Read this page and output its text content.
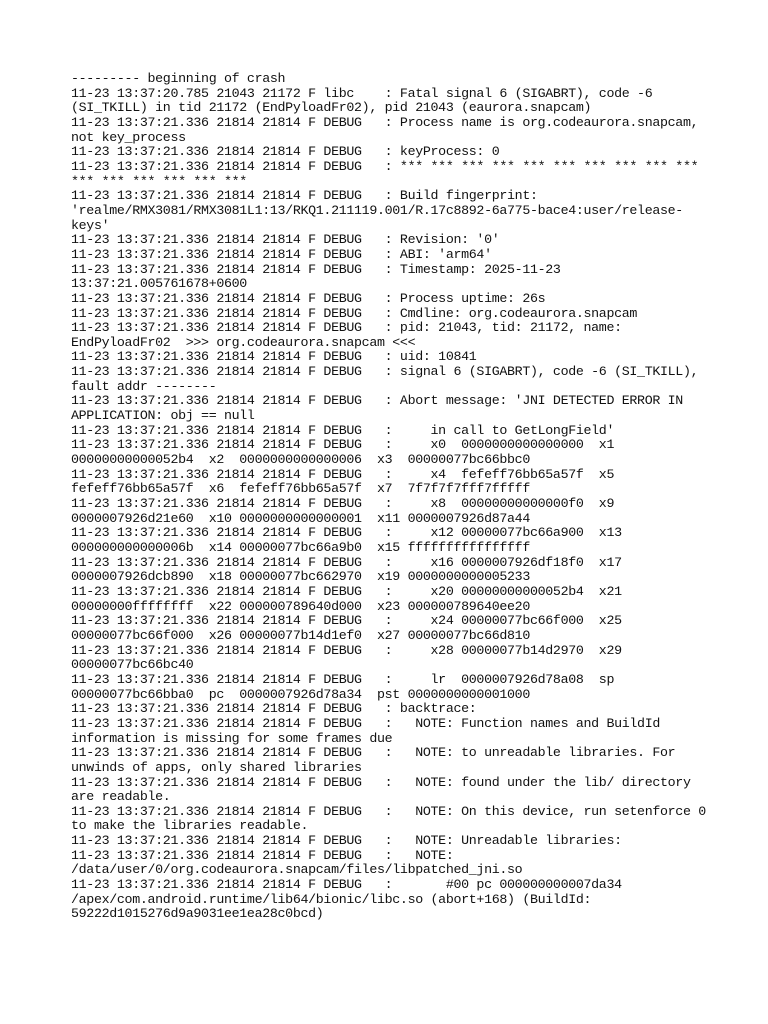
--------- beginning of crash
11-23 13:37:20.785 21043 21172 F libc    : Fatal signal 6 (SIGABRT), code -6
(SI_TKILL) in tid 21172 (EndPyloadFr02), pid 21043 (eaurora.snapcam)
11-23 13:37:21.336 21814 21814 F DEBUG   : Process name is org.codeaurora.snapcam,
not key_process
11-23 13:37:21.336 21814 21814 F DEBUG   : keyProcess: 0
11-23 13:37:21.336 21814 21814 F DEBUG   : *** *** *** *** *** *** *** *** *** ***
*** *** *** *** *** ***
11-23 13:37:21.336 21814 21814 F DEBUG   : Build fingerprint:
'realme/RMX3081/RMX3081L1:13/RKQ1.211119.001/R.17c8892-6a775-bace4:user/release-
keys'
11-23 13:37:21.336 21814 21814 F DEBUG   : Revision: '0'
11-23 13:37:21.336 21814 21814 F DEBUG   : ABI: 'arm64'
11-23 13:37:21.336 21814 21814 F DEBUG   : Timestamp: 2025-11-23
13:37:21.005761678+0600
11-23 13:37:21.336 21814 21814 F DEBUG   : Process uptime: 26s
11-23 13:37:21.336 21814 21814 F DEBUG   : Cmdline: org.codeaurora.snapcam
11-23 13:37:21.336 21814 21814 F DEBUG   : pid: 21043, tid: 21172, name:
EndPyloadFr02  >>> org.codeaurora.snapcam <<<
11-23 13:37:21.336 21814 21814 F DEBUG   : uid: 10841
11-23 13:37:21.336 21814 21814 F DEBUG   : signal 6 (SIGABRT), code -6 (SI_TKILL),
fault addr --------
11-23 13:37:21.336 21814 21814 F DEBUG   : Abort message: 'JNI DETECTED ERROR IN
APPLICATION: obj == null
11-23 13:37:21.336 21814 21814 F DEBUG   :     in call to GetLongField'
11-23 13:37:21.336 21814 21814 F DEBUG   :     x0  0000000000000000  x1
00000000000052b4  x2  0000000000000006  x3  00000077bc66bbc0
11-23 13:37:21.336 21814 21814 F DEBUG   :     x4  fefeff76bb65a57f  x5
fefeff76bb65a57f  x6  fefeff76bb65a57f  x7  7f7f7f7fff7fffff
11-23 13:37:21.336 21814 21814 F DEBUG   :     x8  00000000000000f0  x9
0000007926d21e60  x10 0000000000000001  x11 0000007926d87a44
11-23 13:37:21.336 21814 21814 F DEBUG   :     x12 00000077bc66a900  x13
000000000000006b  x14 00000077bc66a9b0  x15 ffffffffffffffff
11-23 13:37:21.336 21814 21814 F DEBUG   :     x16 0000007926df18f0  x17
0000007926dcb890  x18 00000077bc662970  x19 0000000000005233
11-23 13:37:21.336 21814 21814 F DEBUG   :     x20 00000000000052b4  x21
00000000ffffffff  x22 000000789640d000  x23 000000789640ee20
11-23 13:37:21.336 21814 21814 F DEBUG   :     x24 00000077bc66f000  x25
00000077bc66f000  x26 00000077b14d1ef0  x27 00000077bc66d810
11-23 13:37:21.336 21814 21814 F DEBUG   :     x28 00000077b14d2970  x29
00000077bc66bc40
11-23 13:37:21.336 21814 21814 F DEBUG   :     lr  0000007926d78a08  sp
00000077bc66bba0  pc  0000007926d78a34  pst 0000000000001000
11-23 13:37:21.336 21814 21814 F DEBUG   : backtrace:
11-23 13:37:21.336 21814 21814 F DEBUG   :   NOTE: Function names and BuildId
information is missing for some frames due
11-23 13:37:21.336 21814 21814 F DEBUG   :   NOTE: to unreadable libraries. For
unwinds of apps, only shared libraries
11-23 13:37:21.336 21814 21814 F DEBUG   :   NOTE: found under the lib/ directory
are readable.
11-23 13:37:21.336 21814 21814 F DEBUG   :   NOTE: On this device, run setenforce 0
to make the libraries readable.
11-23 13:37:21.336 21814 21814 F DEBUG   :   NOTE: Unreadable libraries:
11-23 13:37:21.336 21814 21814 F DEBUG   :   NOTE:
/data/user/0/org.codeaurora.snapcam/files/libpatched_jni.so
11-23 13:37:21.336 21814 21814 F DEBUG   :       #00 pc 000000000007da34
/apex/com.android.runtime/lib64/bionic/libc.so (abort+168) (BuildId:
59222d1015276d9a9031ee1ea28c0bcd)
